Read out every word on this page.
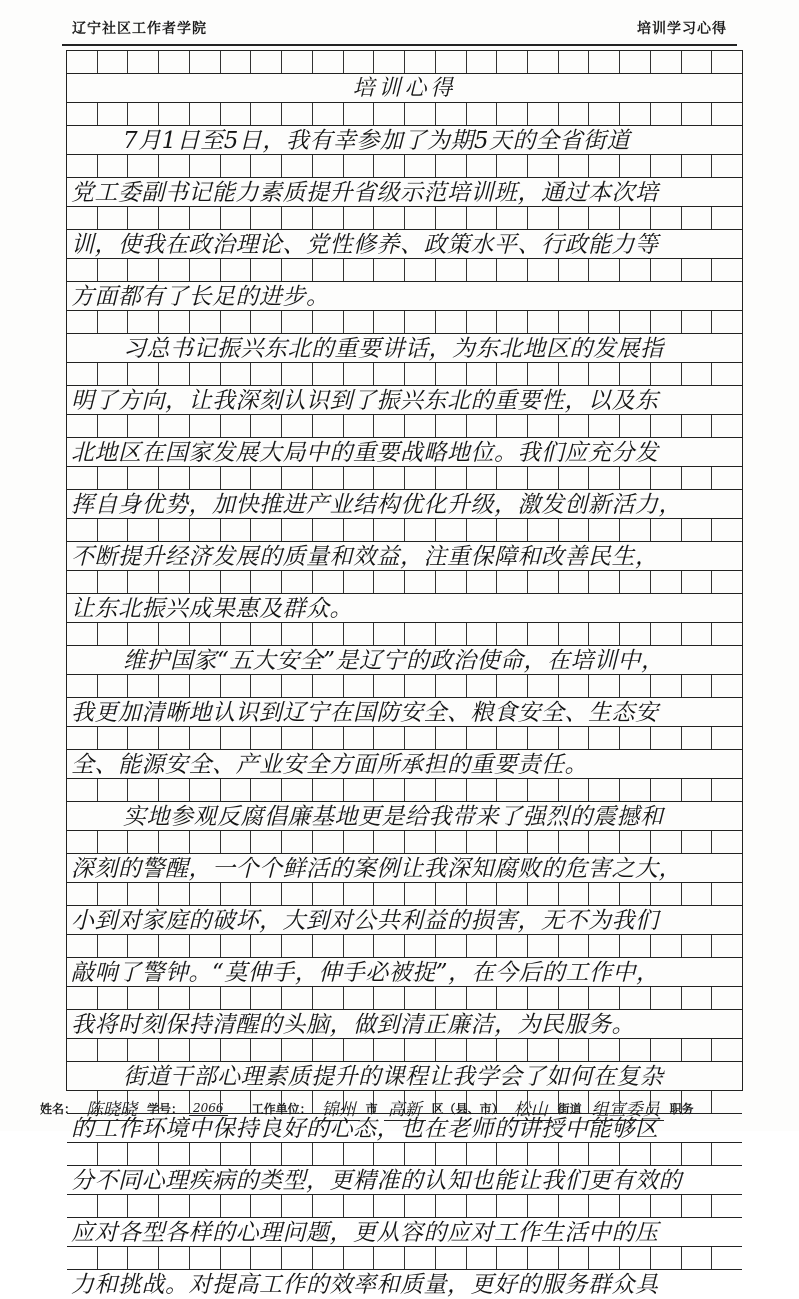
辽宁社区工作者学院	培训学习心得
培训心得
7月1日至5日，我有幸参加了为期5天的全省街道
党工委副书记能力素质提升省级示范培训班，通过本次培
训，使我在政治理论、党性修养、政策水平、行政能力等
方面都有了长足的进步。
习总书记振兴东北的重要讲话，为东北地区的发展指
明了方向，让我深刻认识到了振兴东北的重要性，以及东
北地区在国家发展大局中的重要战略地位。我们应充分发
挥自身优势，加快推进产业结构优化升级，激发创新活力，
不断提升经济发展的质量和效益，注重保障和改善民生，
让东北振兴成果惠及群众。
维护国家“五大安全”是辽宁的政治使命，在培训中，
我更加清晰地认识到辽宁在国防安全、粮食安全、生态安
全、能源安全、产业安全方面所承担的重要责任。
实地参观反腐倡廉基地更是给我带来了强烈的震撼和
深刻的警醒，一个个鲜活的案例让我深知腐败的危害之大，
小到对家庭的破坏，大到对公共利益的损害，无不为我们
敲响了警钟。“莫伸手，伸手必被捉”，在今后的工作中，
我将时刻保持清醒的头脑，做到清正廉洁，为民服务。
街道干部心理素质提升的课程让我学会了如何在复杂
的工作环境中保持良好的心态，也在老师的讲授中能够区
分不同心理疾病的类型，更精准的认知也能让我们更有效的
应对各型各样的心理问题，更从容的应对工作生活中的压
力和挑战。对提高工作的效率和质量，更好的服务群众具
姓名： 陈晓晓 学号： 2066	工作单位： 锦州 市 高新 区（县、市） 松山 街道 组宣委员 职务
